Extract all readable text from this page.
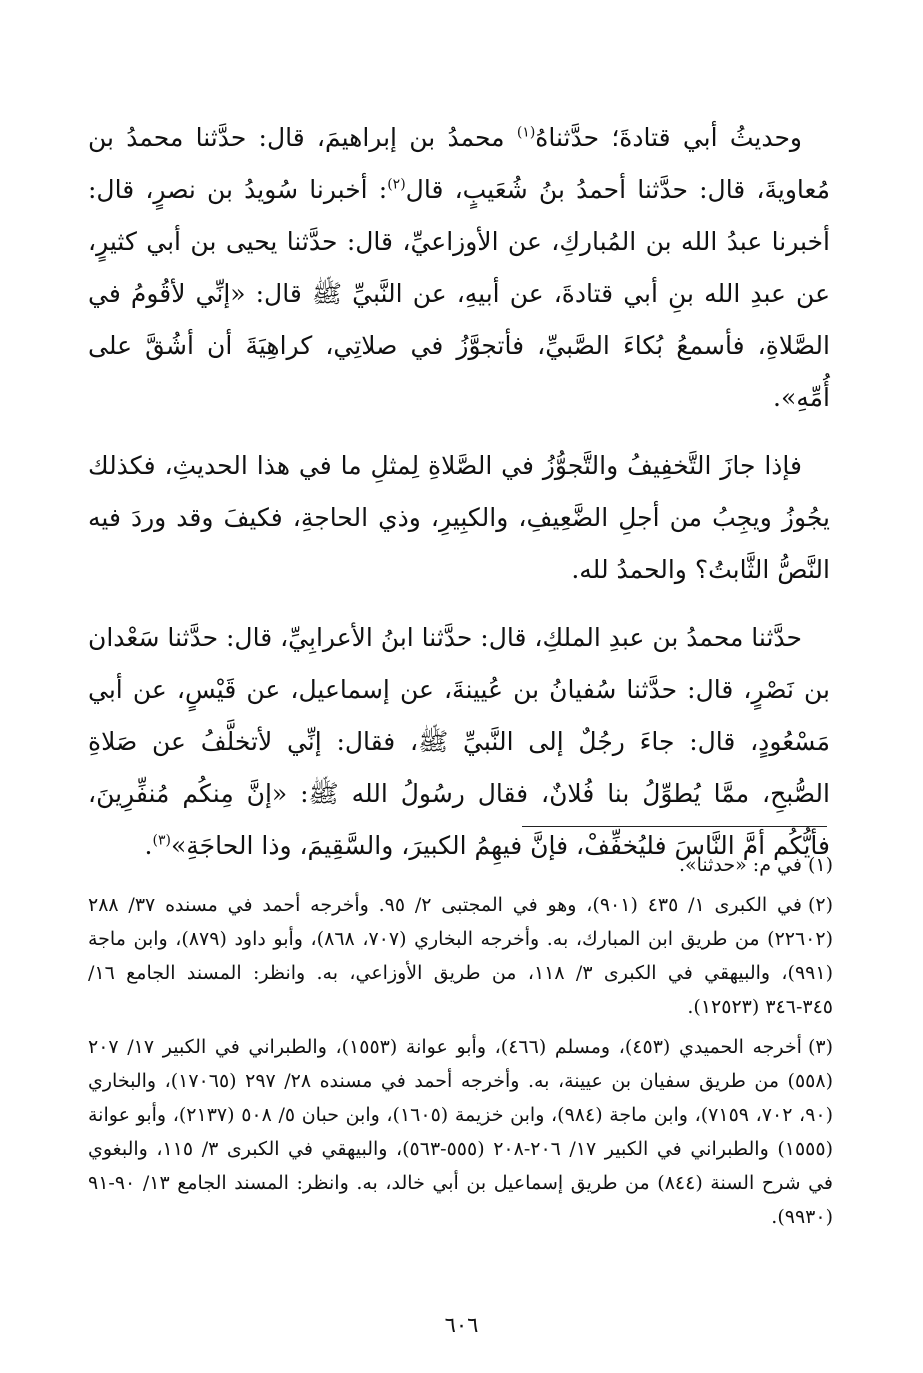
وحديثُ أبي قتادةَ؛ حدَّثناهُ$^{(١)}$ محمدُ بن إبراهيمَ، قال: حدَّثنا محمدُ بن مُعاويةَ، قال: حدَّثنا أحمدُ بنُ شُعَيبٍ، قال$^{(٢)}$: أخبرنا سُويدُ بن نصرٍ، قال: أخبرنا عبدُ الله بن المُباركِ، عن الأوزاعيِّ، قال: حدَّثنا يحيى بن أبي كثيرٍ، عن عبدِ الله بنِ أبي قتادةَ، عن أبيهِ، عن النَّبيِّ ﷺ قال: «إنِّي لأقُومُ في الصَّلاةِ، فأسمعُ بُكاءَ الصَّبيِّ، فأتجوَّزُ في صلاتِي، كراهِيَةَ أن أشُقَّ على أُمِّهِ».

فإذا جازَ التَّخفِيفُ والتَّجوُّزُ في الصَّلاةِ لِمثلِ ما في هذا الحديثِ، فكذلك يجُوزُ ويجِبُ من أجلِ الضَّعِيفِ، والكبِيرِ، وذي الحاجةِ، فكيفَ وقد وردَ فيه النَّصُّ الثَّابتُ؟ والحمدُ لله.

حدَّثنا محمدُ بن عبدِ الملكِ، قال: حدَّثنا ابنُ الأعرابِيِّ، قال: حدَّثنا سَعْدان بن نَصْرٍ، قال: حدَّثنا سُفيانُ بن عُيينةَ، عن إسماعيل، عن قَيْسٍ، عن أبي مَسْعُودٍ، قال: جاءَ رجُلٌ إلى النَّبيِّ ﷺ، فقال: إنِّي لأتخلَّفُ عن صَلاةِ الصُّبحِ، ممَّا يُطوِّلُ بنا فُلانٌ، فقال رسُولُ الله ﷺ: «إنَّ مِنكُم مُنفِّرِينَ، فأيُّكُم أمَّ النَّاسَ فليُخفِّفْ، فإنَّ فيهِمُ الكبيرَ، والسَّقِيمَ، وذا الحاجَةِ»$^{(٣)}$.

(١)في م: «حدثنا».
(٢)في الكبرى ١/ ٤٣٥ (٩٠١)، وهو في المجتبى ٢/ ٩٥. وأخرجه أحمد في مسنده ٣٧/ ٢٨٨ (٢٢٦٠٢) من طريق ابن المبارك، به. وأخرجه البخاري (٧٠٧، ٨٦٨)، وأبو داود (٨٧٩)، وابن ماجة (٩٩١)، والبيهقي في الكبرى ٣/ ١١٨، من طريق الأوزاعي، به. وانظر: المسند الجامع ١٦/ ٣٤٥-٣٤٦ (١٢٥٢٣).
(٣)أخرجه الحميدي (٤٥٣)، ومسلم (٤٦٦)، وأبو عوانة (١٥٥٣)، والطبراني في الكبير ١٧/ ٢٠٧ (٥٥٨) من طريق سفيان بن عيينة، به. وأخرجه أحمد في مسنده ٢٨/ ٢٩٧ (١٧٠٦٥)، والبخاري (٩٠، ٧٠٢، ٧١٥٩)، وابن ماجة (٩٨٤)، وابن خزيمة (١٦٠٥)، وابن حبان ٥/ ٥٠٨ (٢١٣٧)، وأبو عوانة (١٥٥٥) والطبراني في الكبير ١٧/ ٢٠٦-٢٠٨ (٥٥٥-٥٦٣)، والبيهقي في الكبرى ٣/ ١١٥، والبغوي في شرح السنة (٨٤٤) من طريق إسماعيل بن أبي خالد، به. وانظر: المسند الجامع ١٣/ ٩٠-٩١ (٩٩٣٠).
٦٠٦
